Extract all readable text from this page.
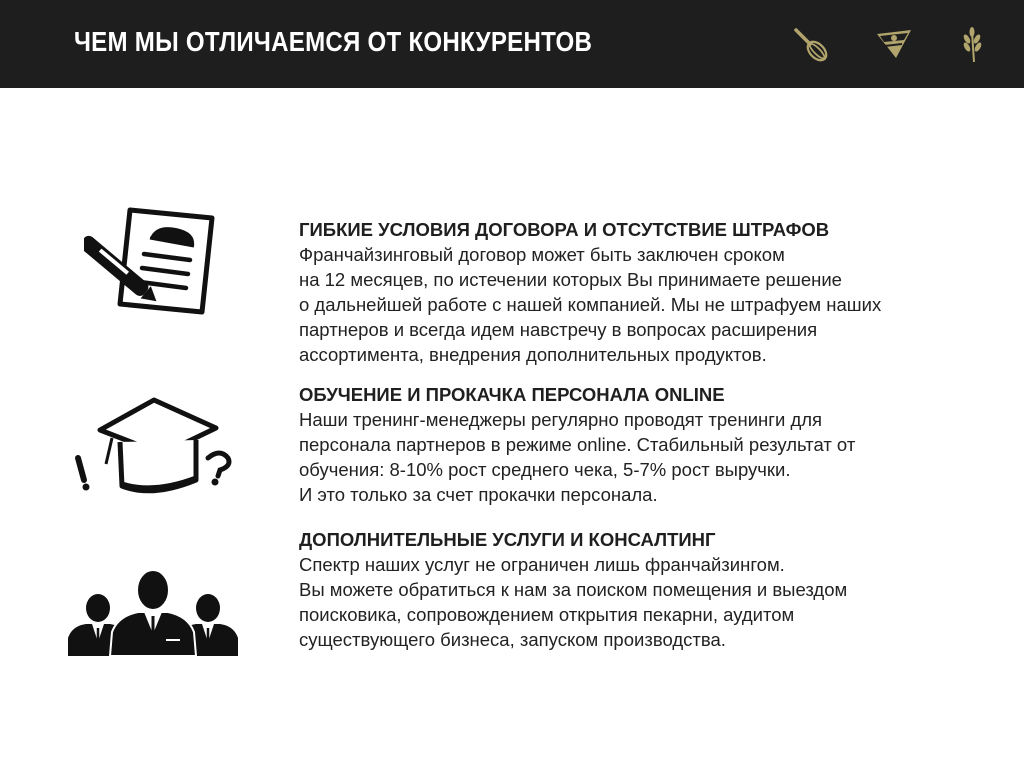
ЧЕМ МЫ ОТЛИЧАЕМСЯ ОТ КОНКУРЕНТОВ
ГИБКИЕ УСЛОВИЯ ДОГОВОРА И ОТСУТСТВИЕ ШТРАФОВ
Франчайзинговый договор может быть заключен сроком
на 12 месяцев, по истечении которых Вы принимаете решение
о дальнейшей работе с нашей компанией. Мы не штрафуем наших
партнеров и всегда идем навстречу в вопросах расширения
ассортимента, внедрения дополнительных продуктов.
ОБУЧЕНИЕ И ПРОКАЧКА ПЕРСОНАЛА ONLINE
Наши тренинг-менеджеры регулярно проводят тренинги для
персонала партнеров в режиме online. Стабильный результат от
обучения: 8-10% рост среднего чека, 5-7% рост выручки.
И это только за счет прокачки персонала.
ДОПОЛНИТЕЛЬНЫЕ УСЛУГИ И КОНСАЛТИНГ
Спектр наших услуг не ограничен лишь франчайзингом.
Вы можете обратиться к нам за поиском помещения и выездом
поисковика, сопровождением открытия пекарни, аудитом
существующего бизнеса, запуском производства.
